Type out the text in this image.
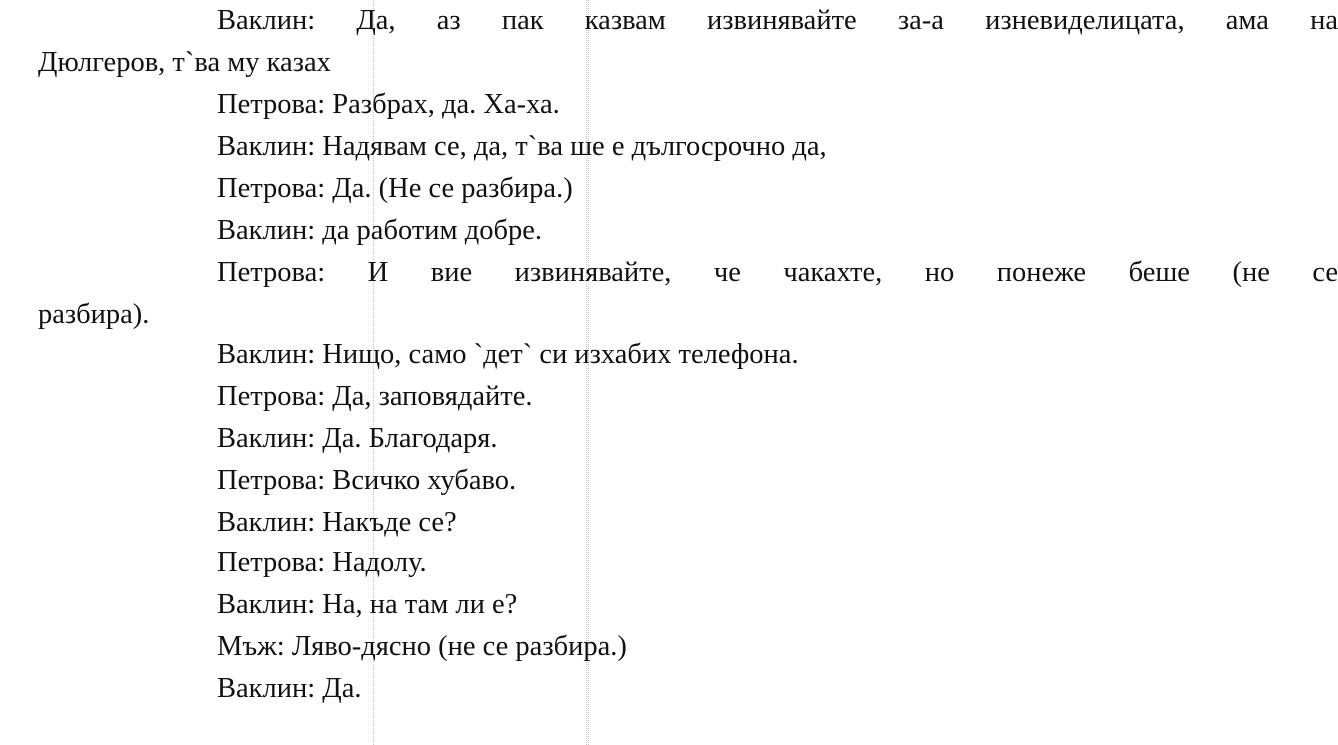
Ваклин: Да, аз пак казвам извинявайте за-а изневиделицата, ама на
Дюлгеров, т`ва му казах
Петрова: Разбрах, да. Ха-ха.
Ваклин: Надявам се, да, т`ва ше е дългосрочно да,
Петрова: Да. (Не се разбира.)
Ваклин: да работим добре.
Петрова: И вие извинявайте, че чакахте, но понеже беше (не се
разбира).
Ваклин: Нищо, само `дет` си изхабих телефона.
Петрова: Да, заповядайте.
Ваклин: Да. Благодаря.
Петрова: Всичко хубаво.
Ваклин: Накъде се?
Петрова: Надолу.
Ваклин: На, на там ли е?
Мъж: Ляво-дясно (не се разбира.)
Ваклин: Да.
